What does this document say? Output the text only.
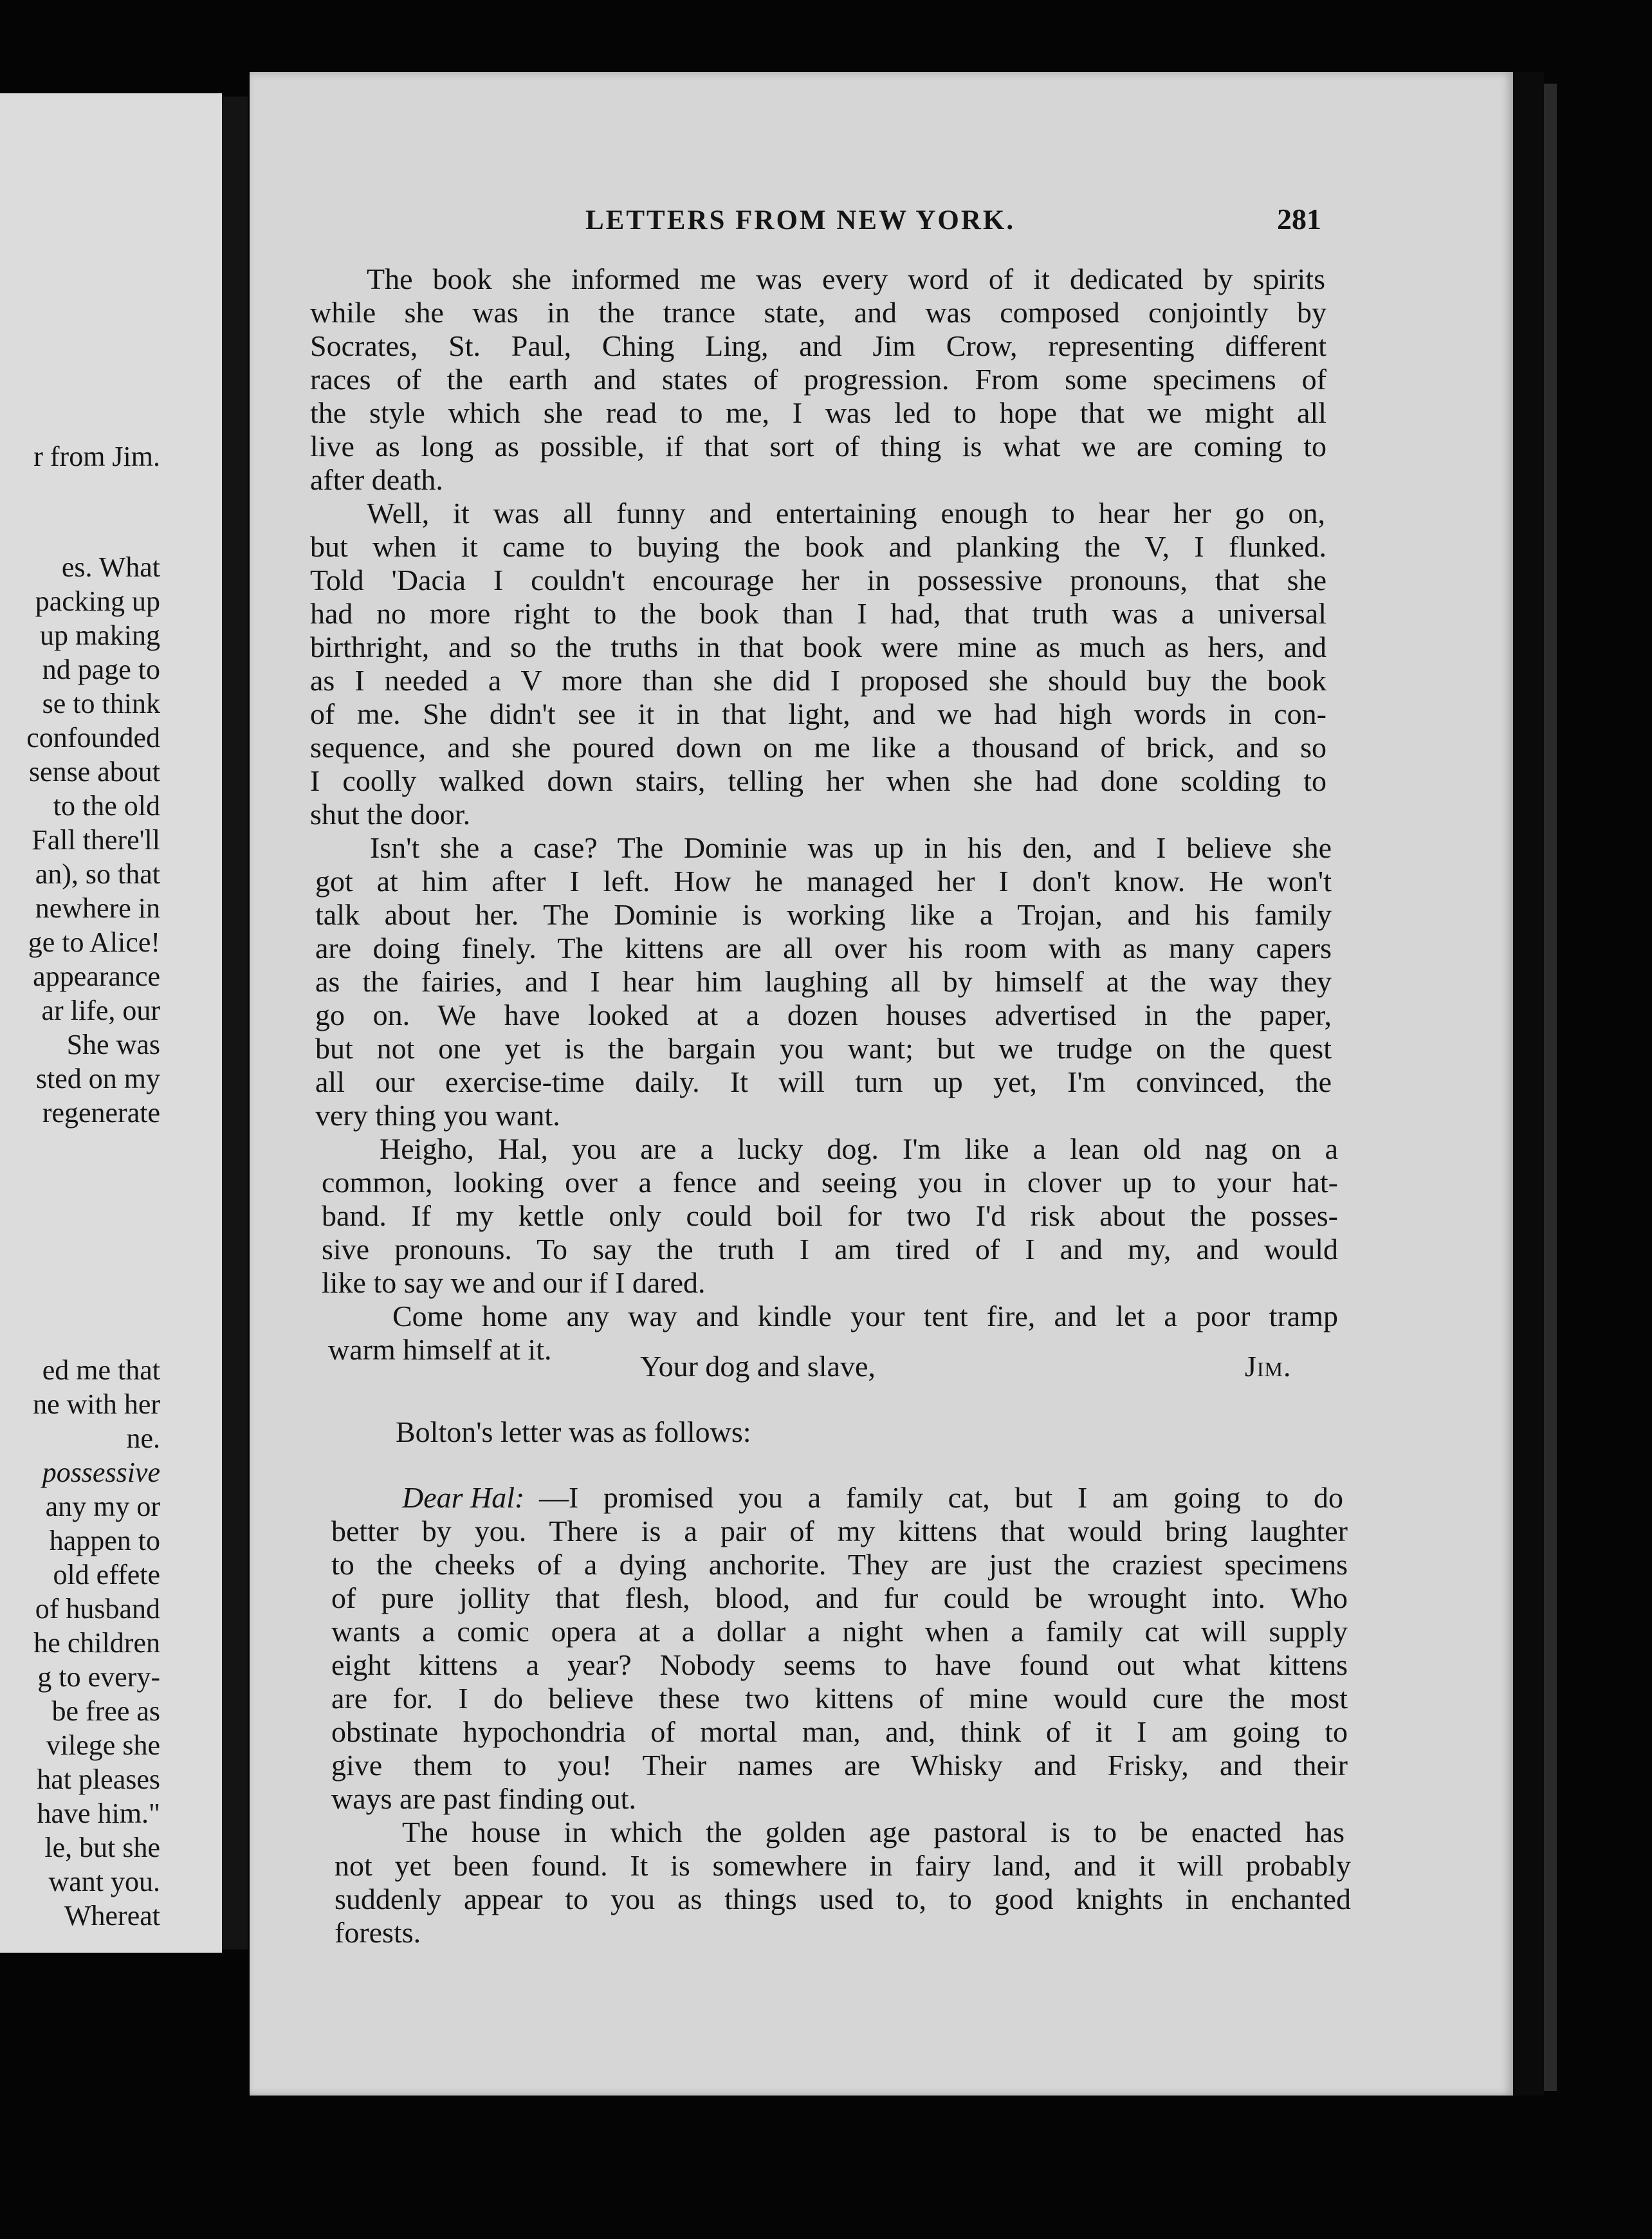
r from Jim.
es. What
packing up
up making
nd page to
se to think
confounded
sense about
to the old
Fall there'll
an), so that
newhere in
ge to Alice!
appearance
ar life, our
She was
sted on my
regenerate
ed me that
ne with her
ne.
possessive
any my or
happen to
old effete
of husband
he children
g to every-
be free as
vilege she
hat pleases
have him."
le, but she
want you.
Whereat
LETTERS FROM NEW YORK.	281
The book she informed me was every word of it dedicated by spirits
while she was in the trance state, and was composed conjointly by
Socrates, St. Paul, Ching Ling, and Jim Crow, representing different
races of the earth and states of progression. From some specimens of
the style which she read to me, I was led to hope that we might all
live as long as possible, if that sort of thing is what we are coming to
after death.
Well, it was all funny and entertaining enough to hear her go on,
but when it came to buying the book and planking the V, I flunked.
Told 'Dacia I couldn't encourage her in possessive pronouns, that she
had no more right to the book than I had, that truth was a universal
birthright, and so the truths in that book were mine as much as hers, and
as I needed a V more than she did I proposed she should buy the book
of me. She didn't see it in that light, and we had high words in con-
sequence, and she poured down on me like a thousand of brick, and so
I coolly walked down stairs, telling her when she had done scolding to
shut the door.
Isn't she a case? The Dominie was up in his den, and I believe she
got at him after I left. How he managed her I don't know. He won't
talk about her. The Dominie is working like a Trojan, and his family
are doing finely. The kittens are all over his room with as many capers
as the fairies, and I hear him laughing all by himself at the way they
go on. We have looked at a dozen houses advertised in the paper,
but not one yet is the bargain you want; but we trudge on the quest
all our exercise-time daily. It will turn up yet, I'm convinced, the
very thing you want.
Heigho, Hal, you are a lucky dog. I'm like a lean old nag on a
common, looking over a fence and seeing you in clover up to your hat-
band. If my kettle only could boil for two I'd risk about the posses-
sive pronouns. To say the truth I am tired of I and my, and would
like to say we and our if I dared.
Come home any way and kindle your tent fire, and let a poor tramp
warm himself at it.
Your dog and slave,	Jim.
Bolton's letter was as follows:
Dear Hal: —I promised you a family cat, but I am going to do
better by you. There is a pair of my kittens that would bring laughter
to the cheeks of a dying anchorite. They are just the craziest specimens
of pure jollity that flesh, blood, and fur could be wrought into. Who
wants a comic opera at a dollar a night when a family cat will supply
eight kittens a year? Nobody seems to have found out what kittens
are for. I do believe these two kittens of mine would cure the most
obstinate hypochondria of mortal man, and, think of it I am going to
give them to you! Their names are Whisky and Frisky, and their
ways are past finding out.
The house in which the golden age pastoral is to be enacted has
not yet been found. It is somewhere in fairy land, and it will probably
suddenly appear to you as things used to, to good knights in enchanted
forests.
